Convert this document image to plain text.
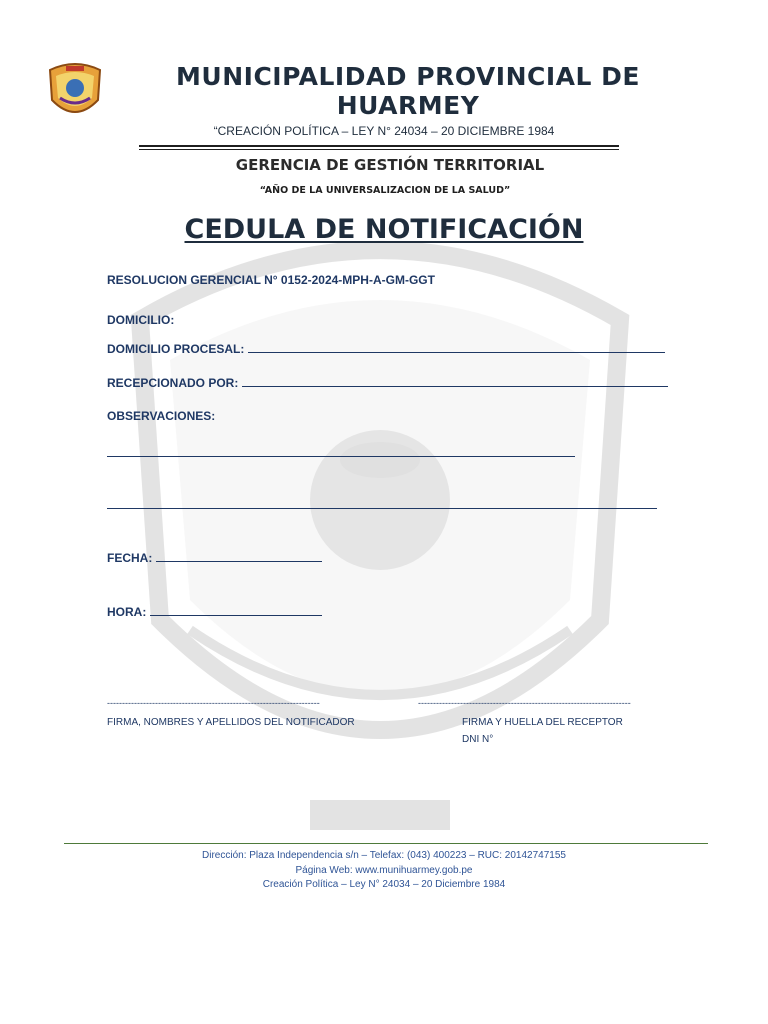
MUNICIPALIDAD PROVINCIAL DE HUARMEY
“CREACIÓN POLÍTICA – LEY N° 24034 – 20 DICIEMBRE 1984
GERENCIA DE GESTIÓN TERRITORIAL
“AÑO DE LA UNIVERSALIZACION DE LA SALUD”
CEDULA DE NOTIFICACIÓN
RESOLUCION GERENCIAL N° 0152-2024-MPH-A-GM-GGT
DOMICILIO:
DOMICILIO PROCESAL:
RECEPCIONADO POR:
OBSERVACIONES:
FECHA:
HORA:
-----------------------------------------------------------------------	-----------------------------------------------------------------------
FIRMA, NOMBRES Y APELLIDOS DEL NOTIFICADOR	FIRMA Y HUELLA DEL RECEPTOR
DNI N°
Dirección: Plaza Independencia s/n – Telefax: (043) 400223 – RUC: 20142747155
Página Web: www.munihuarmey.gob.pe
Creación Política – Ley N° 24034 – 20 Diciembre 1984
